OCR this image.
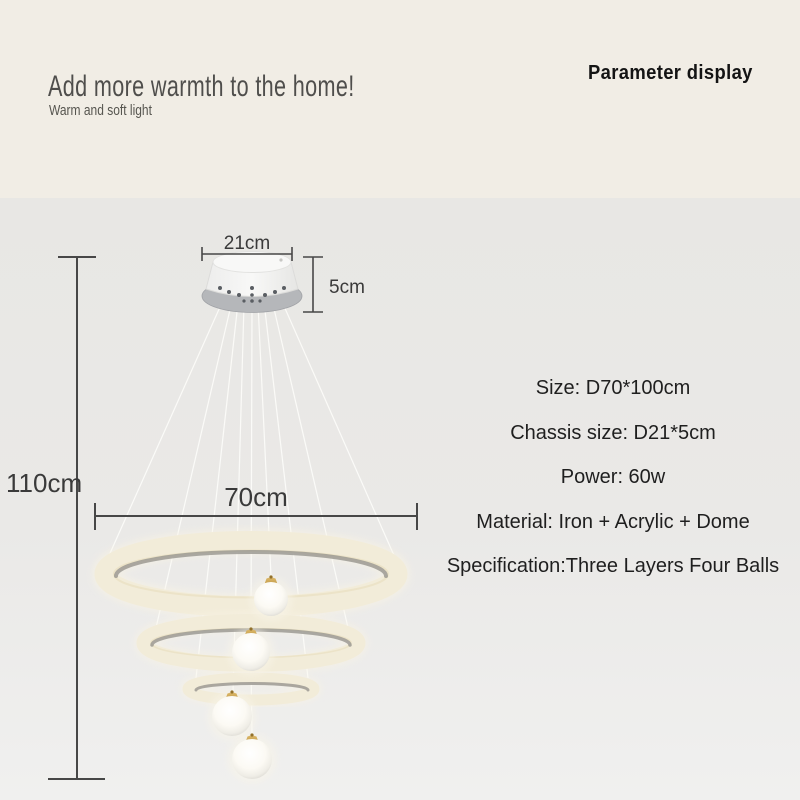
Add more warmth to the home!
Warm and soft light
Parameter display
21cm
5cm
110cm	70cm
Size: D70*100cm
Chassis size: D21*5cm
Power: 60w
Material: Iron + Acrylic + Dome
Specification:Three Layers Four Balls
